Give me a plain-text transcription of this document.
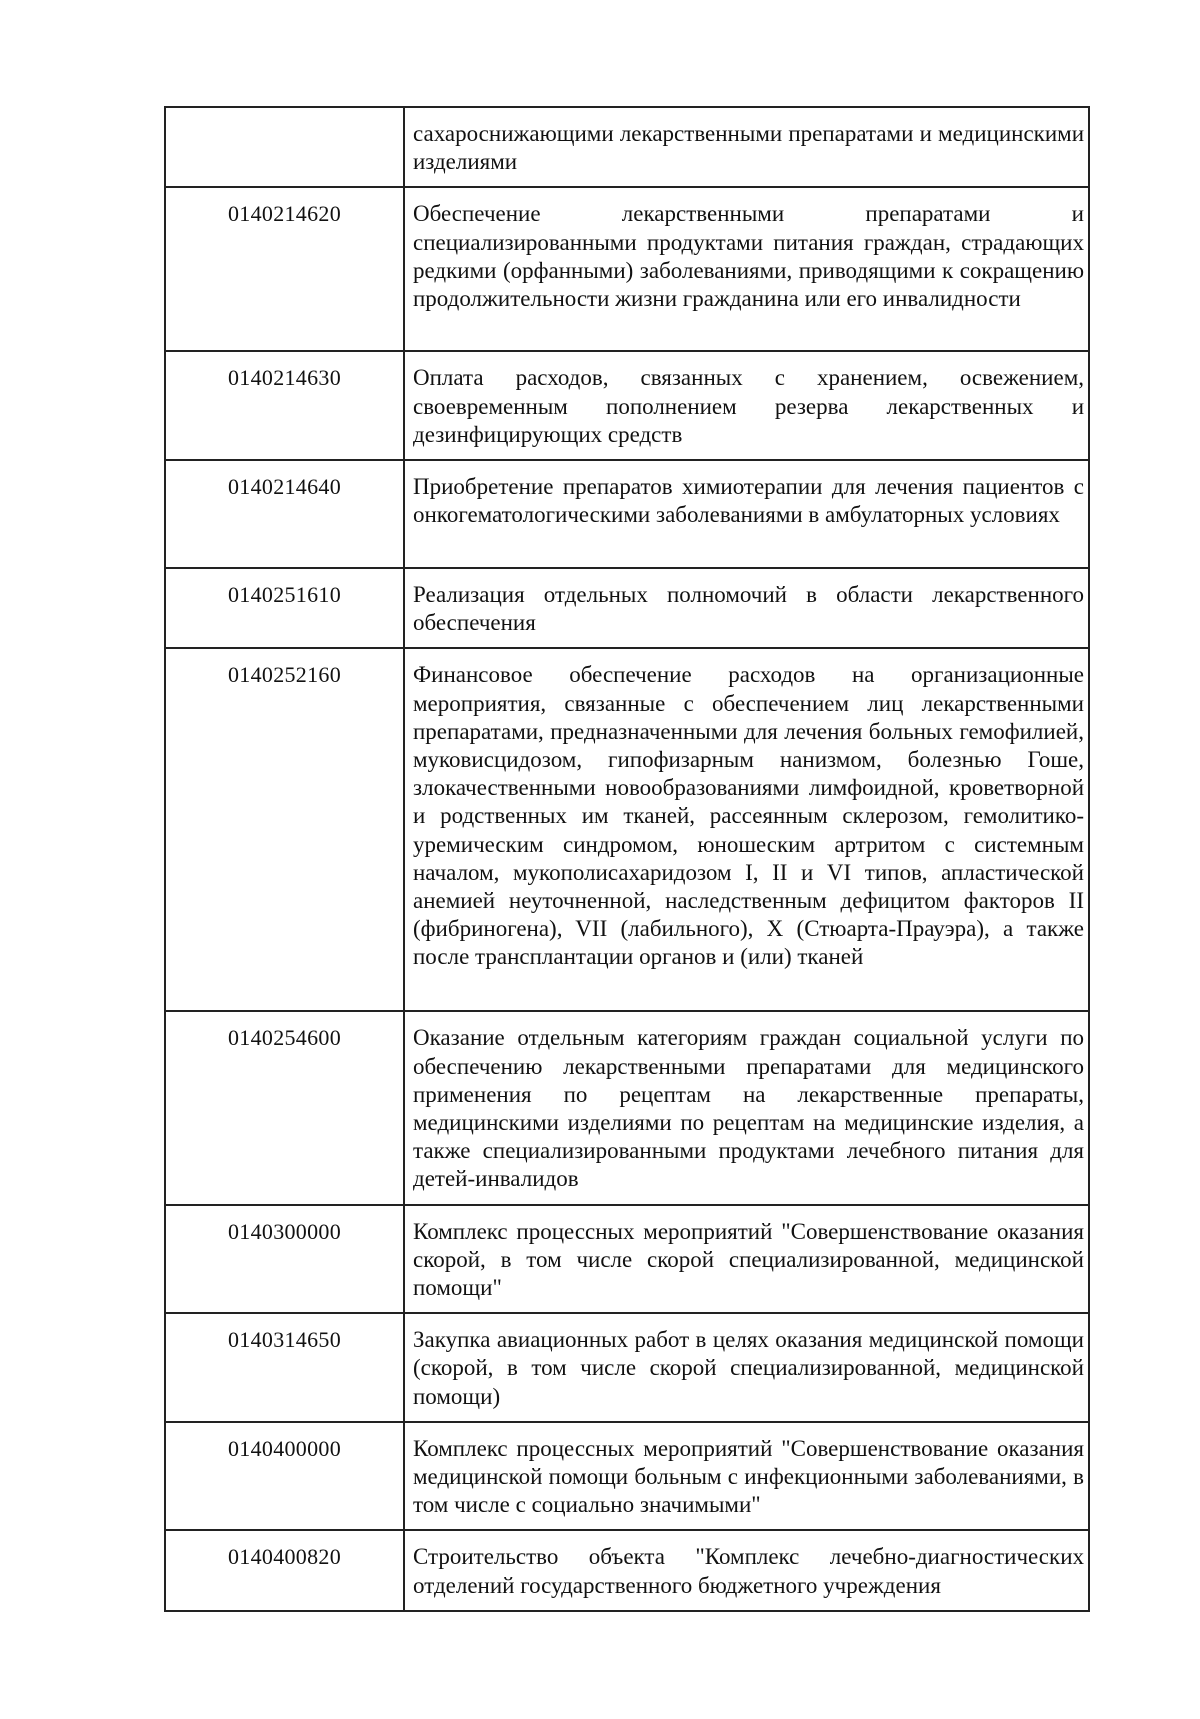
	сахароснижающими лекарственными препаратами и медицинскими изделиями

0140214620	Обеспечение лекарственными препаратами и специализированными продуктами питания граждан, страдающих редкими (орфанными) заболеваниями, приводящими к сокращению продолжительности жизни гражданина или его инвалидности

0140214630	Оплата расходов, связанных с хранением, освежением, своевременным пополнением резерва лекарственных и дезинфицирующих средств

0140214640	Приобретение препаратов химиотерапии для лечения пациентов с онкогематологическими заболеваниями в амбулаторных условиях

0140251610	Реализация отдельных полномочий в области лекарственного обеспечения

0140252160	Финансовое обеспечение расходов на организационные мероприятия, связанные с обеспечением лиц лекарственными препаратами, предназначенными для лечения больных гемофилией, муковисцидозом, гипофизарным нанизмом, болезнью Гоше, злокачественными новообразованиями лимфоидной, кроветворной и родственных им тканей, рассеянным склерозом, гемолитико-уремическим синдромом, юношеским артритом с системным началом, мукополисахаридозом I, II и VI типов, апластической анемией неуточненной, наследственным дефицитом факторов II (фибриногена), VII (лабильного), X (Стюарта-Прауэра), а также после трансплантации органов и (или) тканей

0140254600	Оказание отдельным категориям граждан социальной услуги по обеспечению лекарственными препаратами для медицинского применения по рецептам на лекарственные препараты, медицинскими изделиями по рецептам на медицинские изделия, а также специализированными продуктами лечебного питания для детей-инвалидов

0140300000	Комплекс процессных мероприятий "Совершенствование оказания скорой, в том числе скорой специализированной, медицинской помощи"

0140314650	Закупка авиационных работ в целях оказания медицинской помощи (скорой, в том числе скорой специализированной, медицинской помощи)

0140400000	Комплекс процессных мероприятий "Совершенствование оказания медицинской помощи больным с инфекционными заболеваниями, в том числе с социально значимыми"

0140400820	Строительство объекта "Комплекс лечебно-диагностических отделений государственного бюджетного учреждения
